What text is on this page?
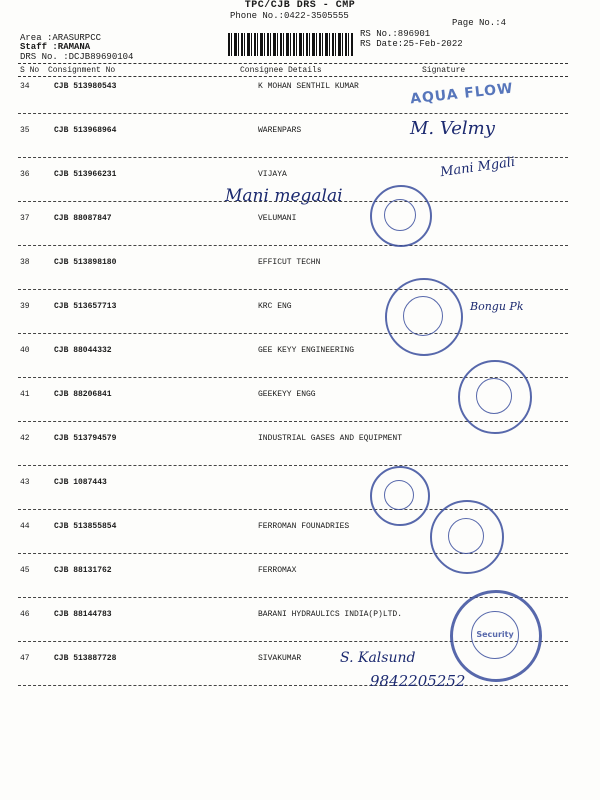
TPC/CJB DRS - CMP
Phone No.:0422-3505555
Page No.:4
RS No.:896901
RS Date:25-Feb-2022
Area :ARASURPCC
Staff :RAMANA
DRS No. :DCJB89690104
S No Consignment No	Consignee Details	Signature
34	CJB 513980543	K MOHAN SENTHIL KUMAR
35	CJB 513968964	WARENPARS
36	CJB 513966231	VIJAYA
37	CJB 88087847	VELUMANI
38	CJB 513898180	EFFICUT TECHN
39	CJB 513657713	KRC ENG
40	CJB 88044332	GEE KEYY ENGINEERING
41	CJB 88206841	GEEKEYY ENGG
42	CJB 513794579	INDUSTRIAL GASES AND EQUIPMENT
43	CJB 1087443
44	CJB 513855854	FERROMAN FOUNADRIES
45	CJB 88131762	FERROMAX
46	CJB 88144783	BARANI HYDRAULICS INDIA(P)LTD.
47	CJB 513887728	SIVAKUMAR
AQUA FLOW
Security
M. Velmy
Mani megalai
Mani Mgali
Bongu Pk
S. Kalsund
9842205252
